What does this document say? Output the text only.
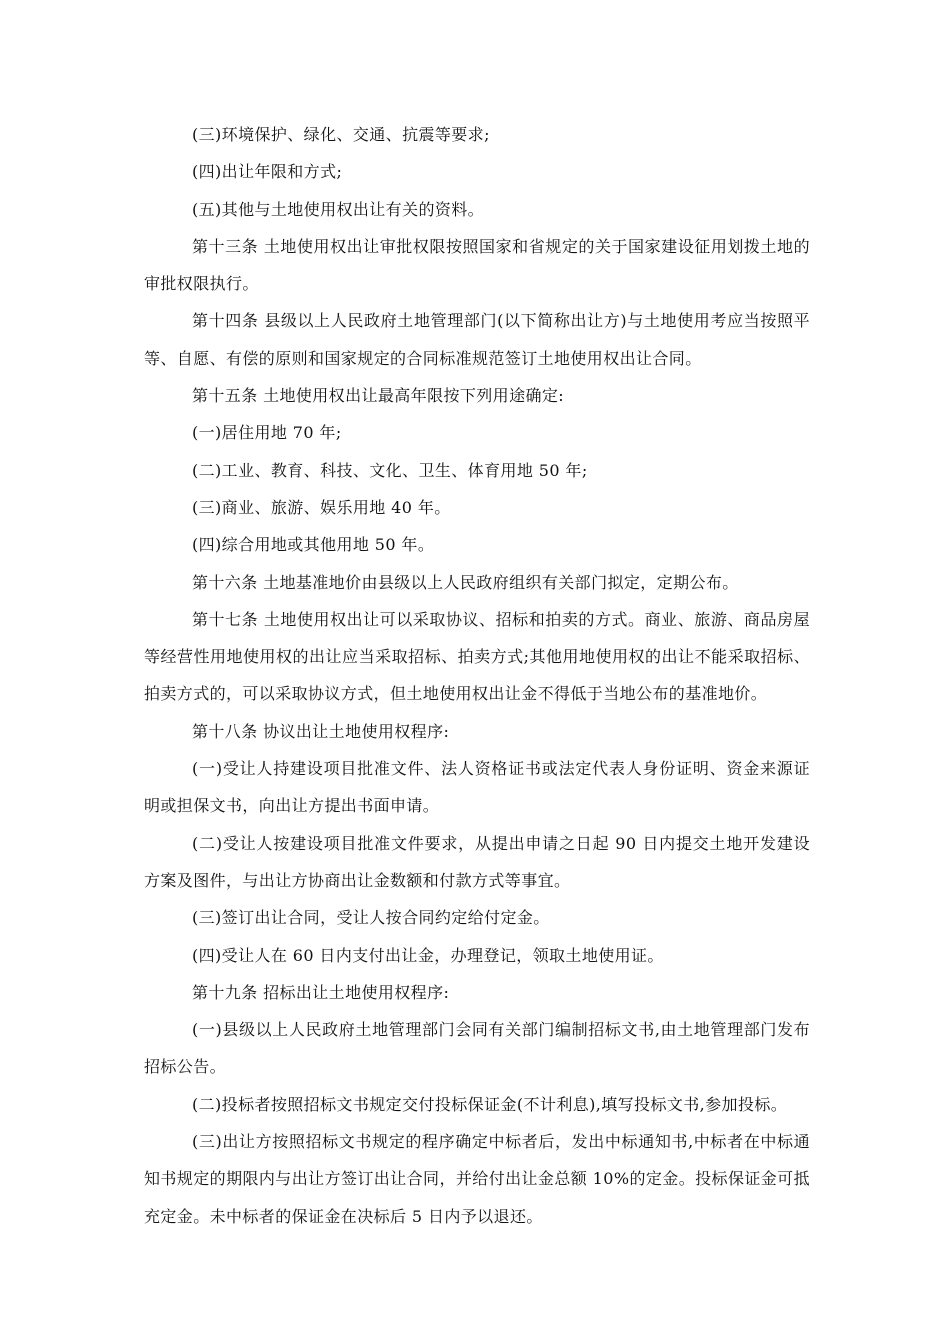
(三)环境保护、绿化、交通、抗震等要求;

(四)出让年限和方式;

(五)其他与土地使用权出让有关的资料。

第十三条 土地使用权出让审批权限按照国家和省规定的关于国家建设征用划拨土地的审批权限执行。

第十四条 县级以上人民政府土地管理部门(以下简称出让方)与土地使用考应当按照平等、自愿、有偿的原则和国家规定的合同标准规范签订土地使用权出让合同。

第十五条 土地使用权出让最高年限按下列用途确定:

(一)居住用地 70 年;

(二)工业、教育、科技、文化、卫生、体育用地 50 年;

(三)商业、旅游、娱乐用地 40 年。

(四)综合用地或其他用地 50 年。

第十六条 土地基准地价由县级以上人民政府组织有关部门拟定，定期公布。

第十七条 土地使用权出让可以采取协议、招标和拍卖的方式。商业、旅游、商品房屋等经营性用地使用权的出让应当采取招标、拍卖方式;其他用地使用权的出让不能采取招标、拍卖方式的，可以采取协议方式，但土地使用权出让金不得低于当地公布的基准地价。

第十八条 协议出让土地使用权程序:

(一)受让人持建设项目批准文件、法人资格证书或法定代表人身份证明、资金来源证明或担保文书，向出让方提出书面申请。

(二)受让人按建设项目批准文件要求，从提出申请之日起 90 日内提交土地开发建设方案及图件，与出让方协商出让金数额和付款方式等事宜。

(三)签订出让合同，受让人按合同约定给付定金。

(四)受让人在 60 日内支付出让金，办理登记，领取土地使用证。

第十九条 招标出让土地使用权程序:

(一)县级以上人民政府土地管理部门会同有关部门编制招标文书,由土地管理部门发布招标公告。

(二)投标者按照招标文书规定交付投标保证金(不计利息),填写投标文书,参加投标。

(三)出让方按照招标文书规定的程序确定中标者后，发出中标通知书,中标者在中标通知书规定的期限内与出让方签订出让合同，并给付出让金总额 10%的定金。投标保证金可抵充定金。未中标者的保证金在决标后 5 日内予以退还。
